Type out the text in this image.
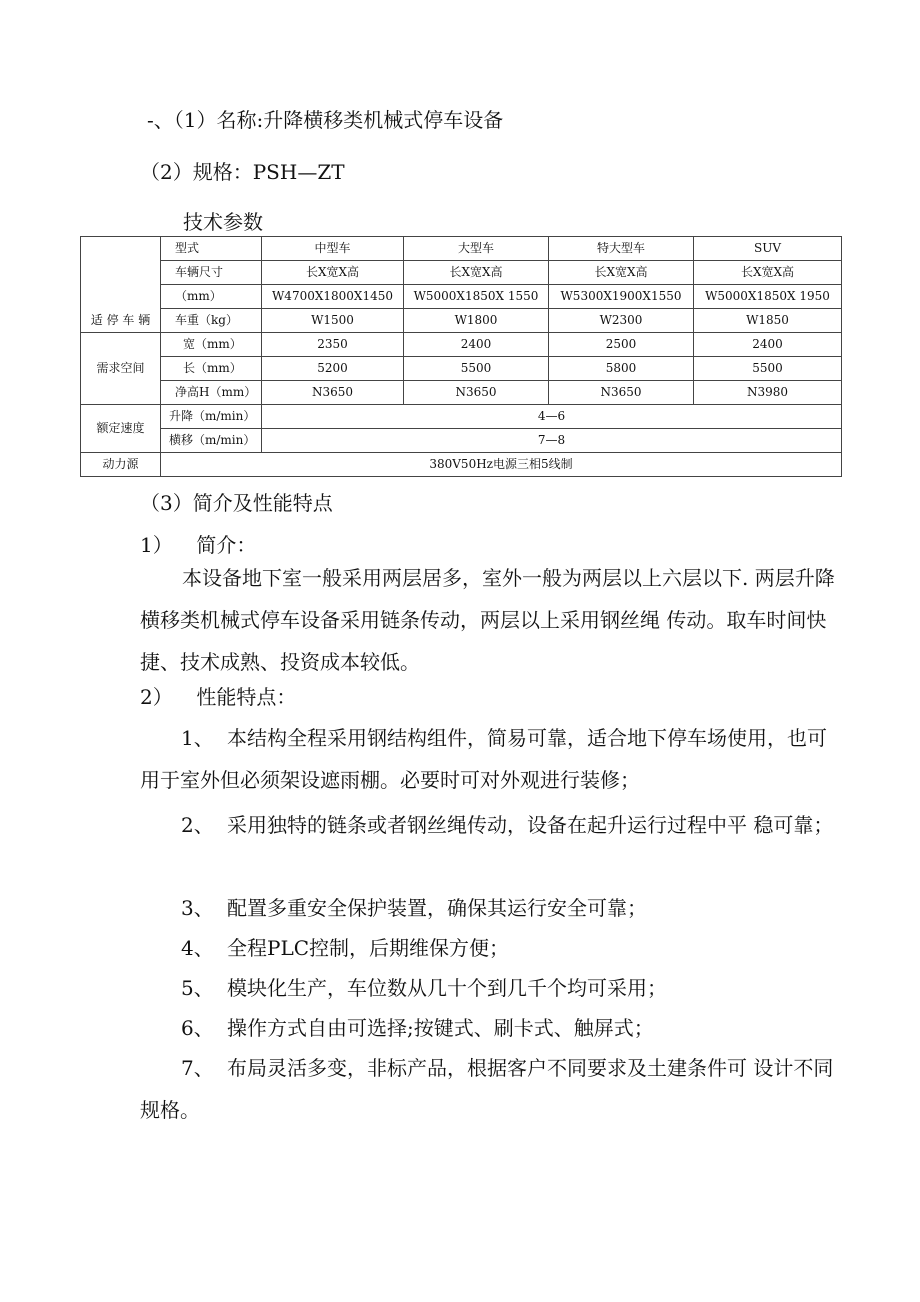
-、（1）名称:升降横移类机械式停车设备
（2）规格：PSH—ZT
技术参数
适 停 车 辆	型式	中型车	大型车	特大型车	SUV
	车辆尺寸	长X宽X高	长X宽X高	长X宽X高	长X宽X高
	（mm）	W4700X1800X1450	W5000X1850X 1550	W5300X1900X1550	W5000X1850X 1950
	车重（kg）	W1500	W1800	W2300	W1850
需求空间	宽（mm）	2350	2400	2500	2400
	长（mm）	5200	5500	5800	5500
	净高H（mm）	N3650	N3650	N3650	N3980
额定速度	升降（m/min）	4—6			
	横移（m/min）	7—8			
动力源	380V50Hz电源三相5线制				
（3）简介及性能特点
1） 简介：
本设备地下室一般采用两层居多，室外一般为两层以上六层以下. 两层升降横移类机械式停车设备采用链条传动，两层以上采用钢丝绳 传动。取车时间快捷、技术成熟、投资成本较低。
2） 性能特点：
1、 本结构全程采用钢结构组件，简易可靠，适合地下停车场使用，也可用于室外但必须架设遮雨棚。必要时可对外观进行装修；
2、 采用独特的链条或者钢丝绳传动，设备在起升运行过程中平 稳可靠；
3、 配置多重安全保护装置，确保其运行安全可靠；
4、 全程PLC控制，后期维保方便；
5、 模块化生产，车位数从几十个到几千个均可采用；
6、 操作方式自由可选择;按键式、刷卡式、触屏式；
7、 布局灵活多变，非标产品，根据客户不同要求及土建条件可 设计不同规格。
